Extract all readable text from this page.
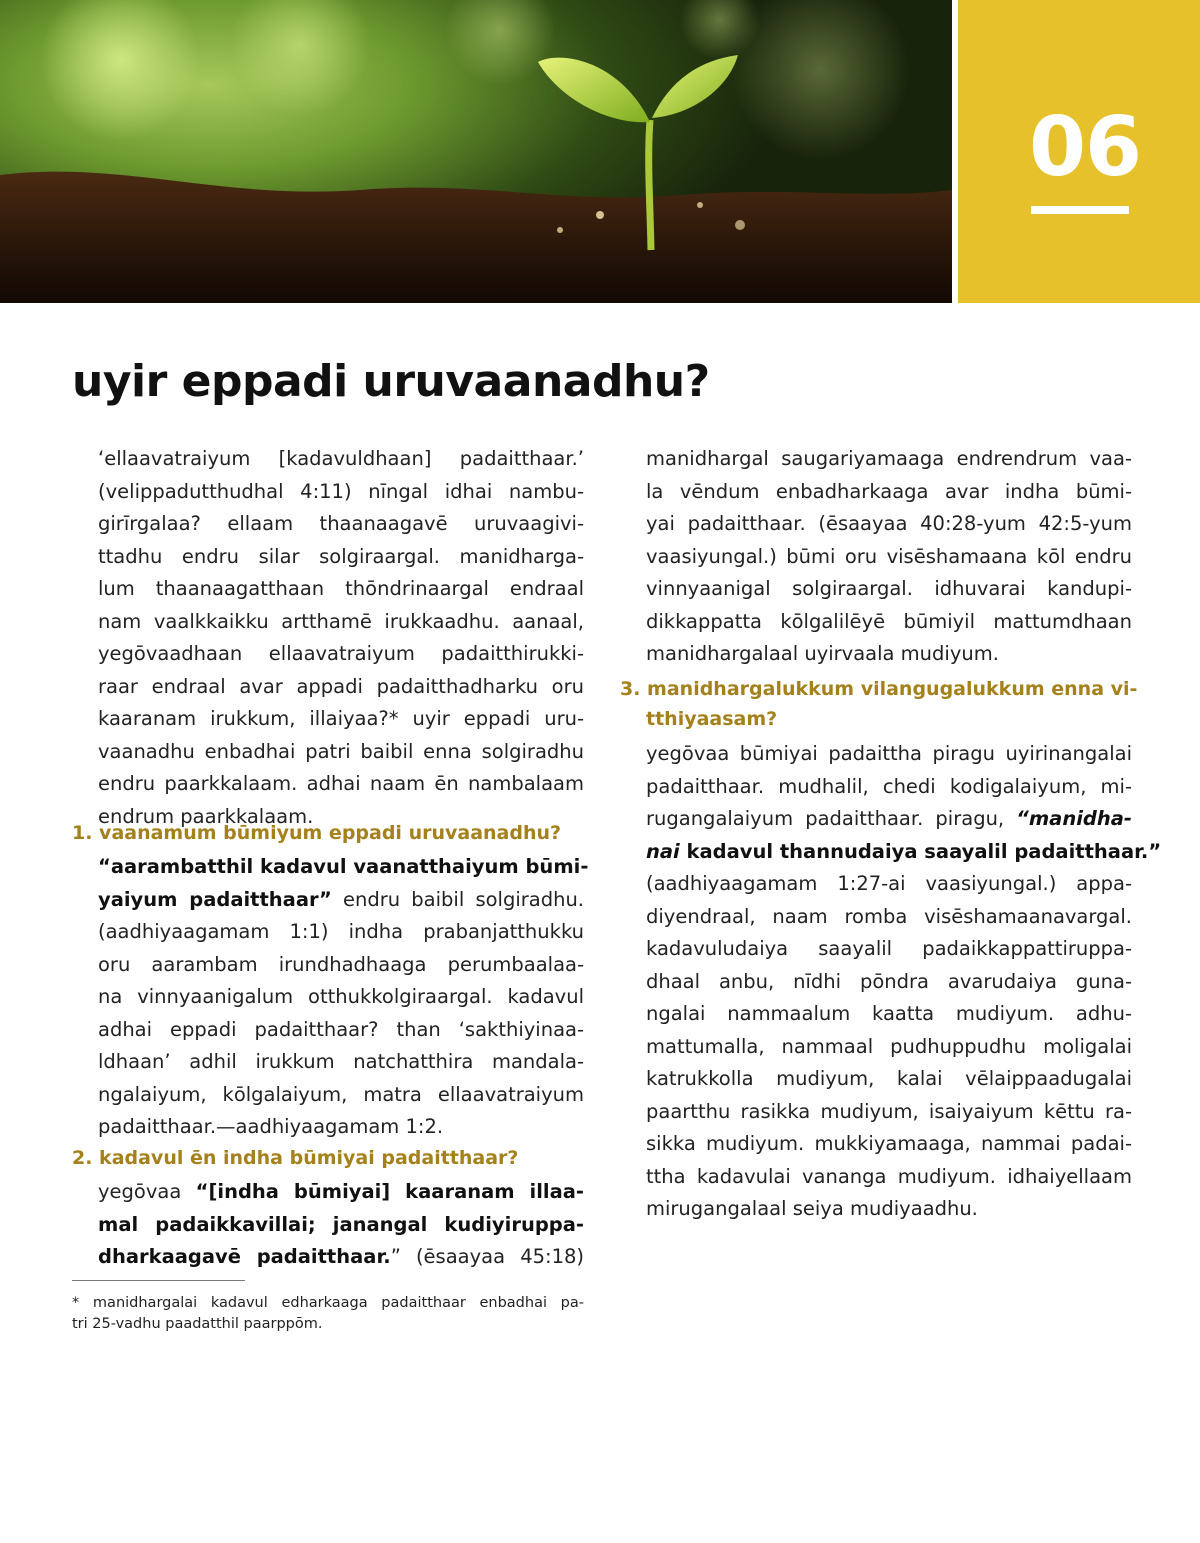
06
uyir eppadi uruvaanadhu?
‘ellaavatraiyum [kadavuldhaan] padaitthaar.’
(velippadutthudhal 4:11) nīngal idhai nambu-
girīrgalaa? ellaam thaanaagavē uruvaagivi-
ttadhu endru silar solgiraargal. manidharga-
lum thaanaagatthaan thōndrinaargal endraal
nam vaalkkaikku artthamē irukkaadhu. aanaal,
yegōvaadhaan ellaavatraiyum padaitthirukki-
raar endraal avar appadi padaitthadharku oru
kaaranam irukkum, illaiyaa?* uyir eppadi uru-
vaanadhu enbadhai patri baibil enna solgiradhu
endru paarkkalaam. adhai naam ēn nambalaam
endrum paarkkalaam.
1. vaanamum būmiyum eppadi uruvaanadhu?
“aarambatthil kadavul vaanatthaiyum būmi-
yaiyum padaitthaar” endru baibil solgiradhu.
(aadhiyaagamam 1:1) indha prabanjatthukku
oru aarambam irundhadhaaga perumbaalaa-
na vinnyaanigalum otthukkolgiraargal. kadavul
adhai eppadi padaitthaar? than ‘sakthiyinaa-
ldhaan’ adhil irukkum natchatthira mandala-
ngalaiyum, kōlgalaiyum, matra ellaavatraiyum
padaitthaar.—aadhiyaagamam 1:2.
2. kadavul ēn indha būmiyai padaitthaar?
yegōvaa “[indha būmiyai] kaaranam illaa-
mal padaikkavillai; janangal kudiyiruppa-
dharkaagavē padaitthaar.” (ēsaayaa 45:18)
* manidhargalai kadavul edharkaaga padaitthaar enbadhai pa-
tri 25-vadhu paadatthil paarppōm.
manidhargal saugariyamaaga endrendrum vaa-
la vēndum enbadharkaaga avar indha būmi-
yai padaitthaar. (ēsaayaa 40:28-yum 42:5-yum
vaasiyungal.) būmi oru visēshamaana kōl endru
vinnyaanigal solgiraargal. idhuvarai kandupi-
dikkappatta kōlgalilēyē būmiyil mattumdhaan
manidhargalaal uyirvaala mudiyum.
3. manidhargalukkum vilangugalukkum enna vi-
tthiyaasam?
yegōvaa būmiyai padaittha piragu uyirinangalai
padaitthaar. mudhalil, chedi kodigalaiyum, mi-
rugangalaiyum padaitthaar. piragu, “manidha-
nai kadavul thannudaiya saayalil padaitthaar.”
(aadhiyaagamam 1:27-ai vaasiyungal.) appa-
diyendraal, naam romba visēshamaanavargal.
kadavuludaiya saayalil padaikkappattiruppa-
dhaal anbu, nīdhi pōndra avarudaiya guna-
ngalai nammaalum kaatta mudiyum. adhu-
mattumalla, nammaal pudhuppudhu moligalai
katrukkolla mudiyum, kalai vēlaippaadugalai
paartthu rasikka mudiyum, isaiyaiyum kēttu ra-
sikka mudiyum. mukkiyamaaga, nammai padai-
ttha kadavulai vananga mudiyum. idhaiyellaam
mirugangalaal seiya mudiyaadhu.
